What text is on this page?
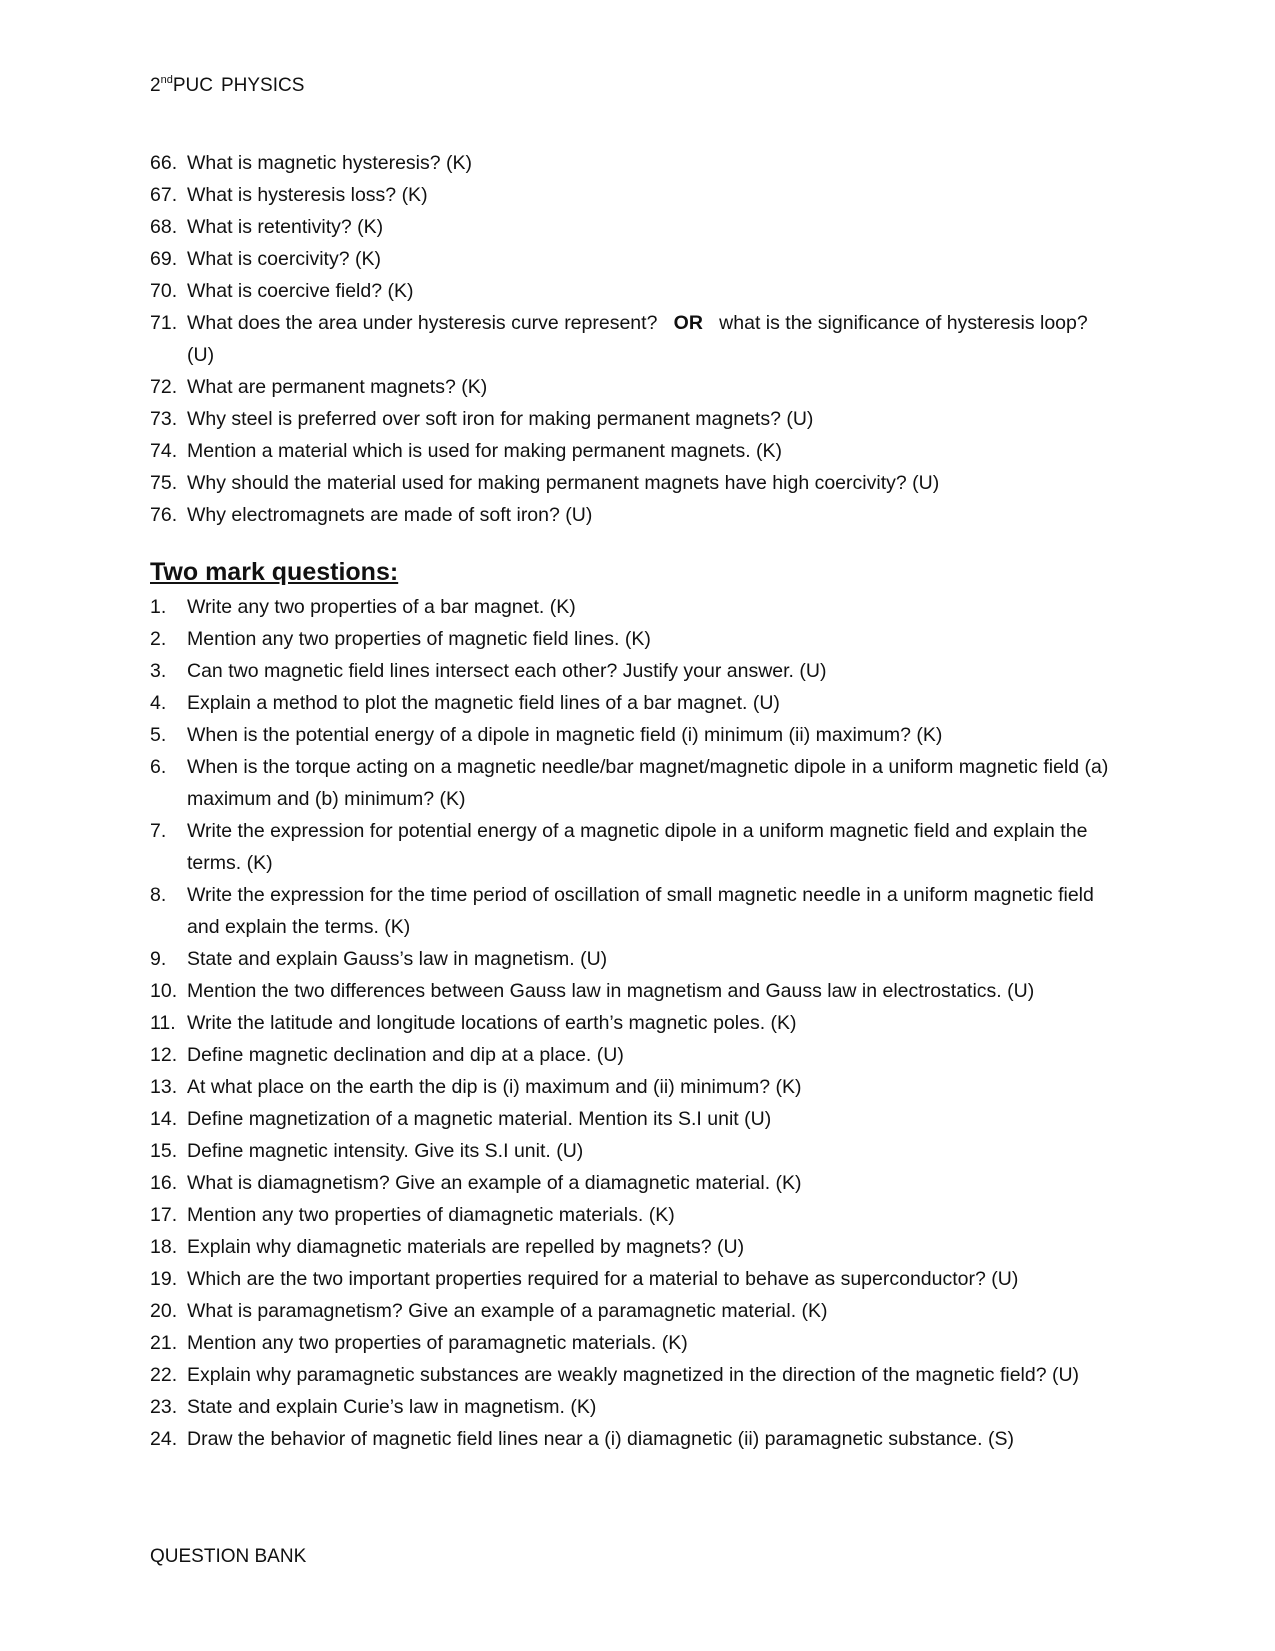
2ndPUC PHYSICS
66. What is magnetic hysteresis? (K)
67. What is hysteresis loss? (K)
68. What is retentivity? (K)
69. What is coercivity? (K)
70. What is coercive field? (K)
71. What does the area under hysteresis curve represent?   OR   what is the significance of hysteresis loop? (U)
72. What are permanent magnets? (K)
73. Why steel is preferred over soft iron for making permanent magnets? (U)
74. Mention a material which is used for making permanent magnets. (K)
75. Why should the material used for making permanent magnets have high coercivity? (U)
76. Why electromagnets are made of soft iron? (U)
Two mark questions:
1. Write any two properties of a bar magnet. (K)
2. Mention any two properties of magnetic field lines. (K)
3. Can two magnetic field lines intersect each other? Justify your answer. (U)
4. Explain a method to plot the magnetic field lines of a bar magnet. (U)
5. When is the potential energy of a dipole in magnetic field (i) minimum (ii) maximum? (K)
6. When is the torque acting on a magnetic needle/bar magnet/magnetic dipole in a uniform magnetic field (a) maximum and (b) minimum? (K)
7. Write the expression for potential energy of a magnetic dipole in a uniform magnetic field and explain the terms. (K)
8. Write the expression for the time period of oscillation of small magnetic needle in a uniform magnetic field and explain the terms. (K)
9. State and explain Gauss’s law in magnetism. (U)
10. Mention the two differences between Gauss law in magnetism and Gauss law in electrostatics. (U)
11. Write the latitude and longitude locations of earth’s magnetic poles. (K)
12. Define magnetic declination and dip at a place. (U)
13. At what place on the earth the dip is (i) maximum and (ii) minimum? (K)
14. Define magnetization of a magnetic material. Mention its S.I unit (U)
15. Define magnetic intensity. Give its S.I unit. (U)
16. What is diamagnetism? Give an example of a diamagnetic material. (K)
17. Mention any two properties of diamagnetic materials. (K)
18. Explain why diamagnetic materials are repelled by magnets? (U)
19. Which are the two important properties required for a material to behave as superconductor? (U)
20. What is paramagnetism? Give an example of a paramagnetic material. (K)
21. Mention any two properties of paramagnetic materials. (K)
22. Explain why paramagnetic substances are weakly magnetized in the direction of the magnetic field? (U)
23. State and explain Curie’s law in magnetism. (K)
24. Draw the behavior of magnetic field lines near a (i) diamagnetic (ii) paramagnetic substance. (S)
QUESTION BANK
